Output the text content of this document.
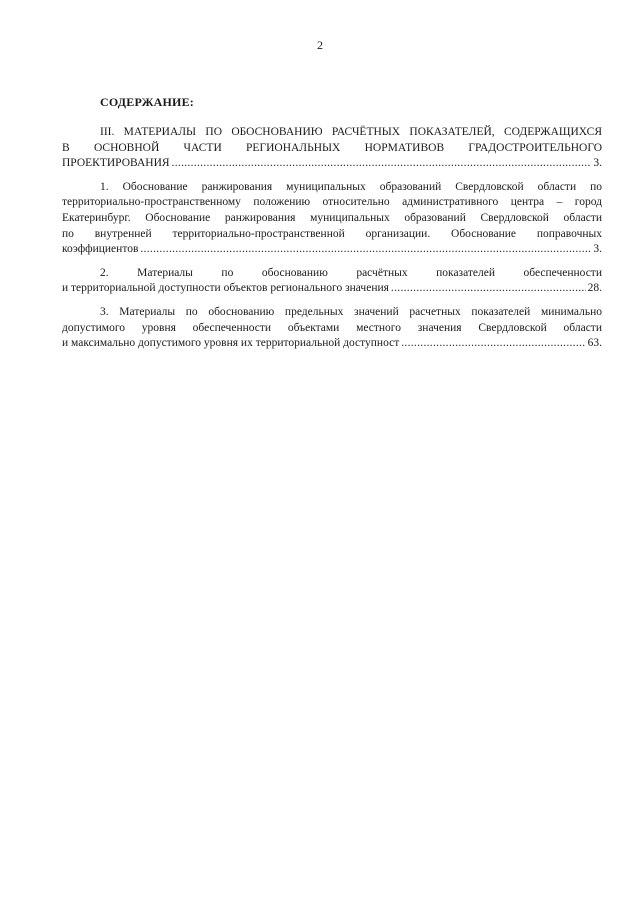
2
СОДЕРЖАНИЕ:
III. МАТЕРИАЛЫ ПО ОБОСНОВАНИЮ РАСЧЁТНЫХ ПОКАЗАТЕЛЕЙ, СОДЕРЖАЩИХСЯ
В ОСНОВНОЙ ЧАСТИ РЕГИОНАЛЬНЫХ НОРМАТИВОВ ГРАДОСТРОИТЕЛЬНОГО
ПРОЕКТИРОВАНИЯ .....	3.
1. Обоснование ранжирования муниципальных образований Свердловской области по
территориально-пространственному положению относительно административного центра – город
Екатеринбург. Обоснование ранжирования муниципальных образований Свердловской области
по внутренней территориально-пространственной организации. Обоснование поправочных
коэффициентов .....	3.
2. Материалы по обоснованию расчётных показателей обеспеченности
и территориальной доступности объектов регионального значения .....	28.
3. Материалы по обоснованию предельных значений расчетных показателей минимально
допустимого уровня обеспеченности объектами местного значения Свердловской области
и максимально допустимого уровня их территориальной доступност .....	63.
